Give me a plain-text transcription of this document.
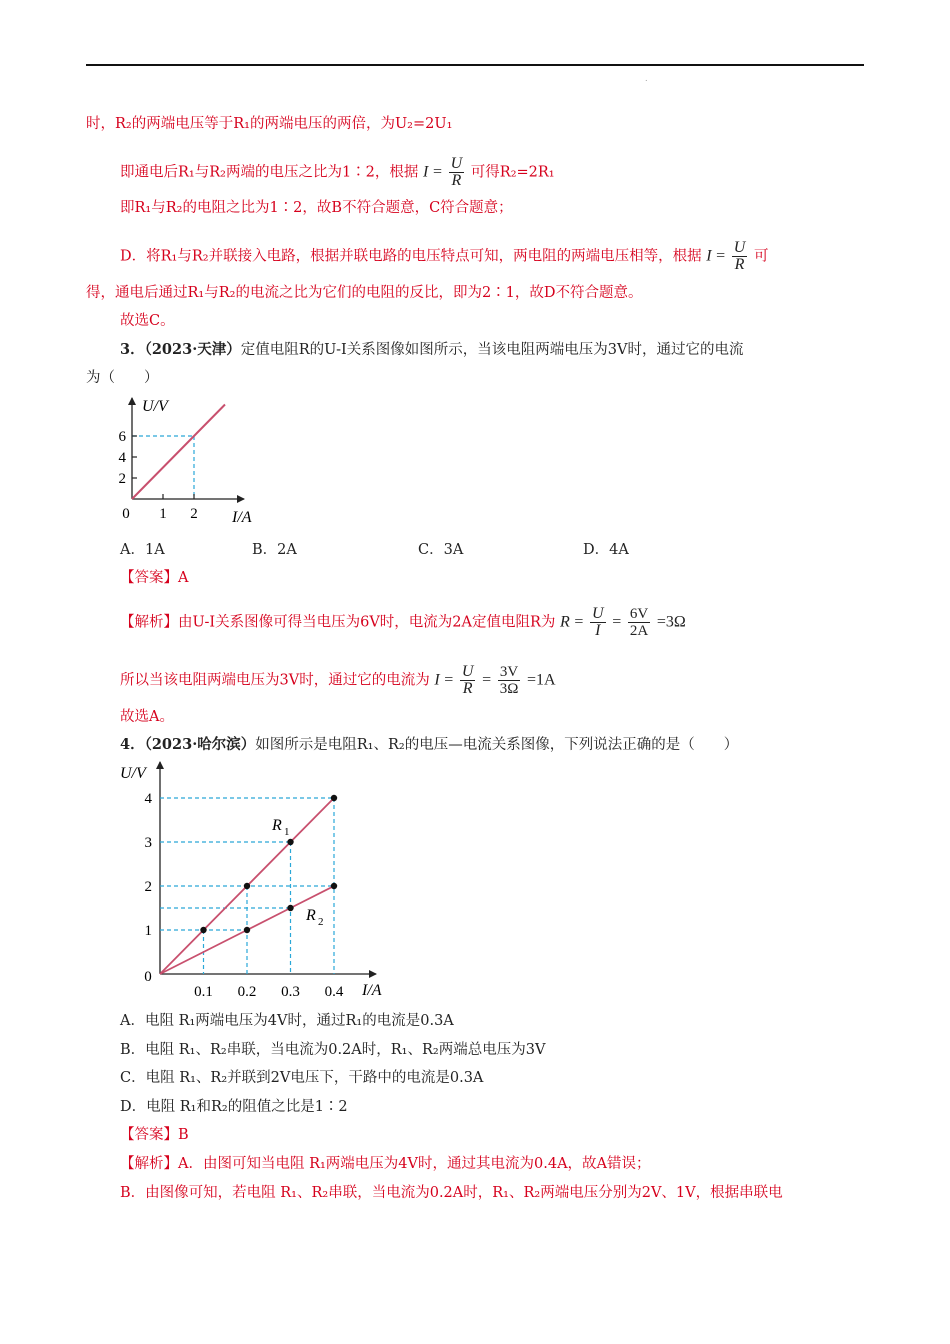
.
时，R₂的两端电压等于R₁的两端电压的两倍，为U₂=2U₁
即通电后R₁与R₂两端的电压之比为1∶2，根据 $I = \frac{U}{R}$ 可得R₂=2R₁
即R₁与R₂的电阻之比为1∶2，故B不符合题意，C符合题意；
D．将R₁与R₂并联接入电路，根据并联电路的电压特点可知，两电阻的两端电压相等，根据 $I = \frac{U}{R}$ 可
得，通电后通过R₁与R₂的电流之比为它们的电阻的反比，即为2∶1，故D不符合题意。
故选C。
3．（2023·天津）定值电阻R的U-I关系图像如图所示，当该电阻两端电压为3V时，通过它的电流
为（　　）
1 2
2
4
6
U/V
I/A
0
A．1A	B．2A	C．3A	D．4A
【答案】A
【解析】由U-I关系图像可得当电压为6V时，电流为2A定值电阻R为 $R = \frac{U}{I} = \frac{6V}{2A} =3\Omega$
所以当该电阻两端电压为3V时，通过它的电流为 $I = \frac{U}{R} = \frac{3V}{3\Omega} =1A$
故选A。
4．（2023·哈尔滨）如图所示是电阻R₁、R₂的电压—电流关系图像，下列说法正确的是（　　）
0.1 0.2 0.3 0.4
1
2
3
4
U/V
I/A
0
R 1
R 2
A．电阻 R₁两端电压为4V时，通过R₁的电流是0.3A
B．电阻 R₁、R₂串联，当电流为0.2A时，R₁、R₂两端总电压为3V
C．电阻 R₁、R₂并联到2V电压下，干路中的电流是0.3A
D．电阻 R₁和R₂的阻值之比是1∶2
【答案】B
【解析】A．由图可知当电阻 R₁两端电压为4V时，通过其电流为0.4A，故A错误；
B．由图像可知，若电阻 R₁、R₂串联，当电流为0.2A时，R₁、R₂两端电压分别为2V、1V，根据串联电
